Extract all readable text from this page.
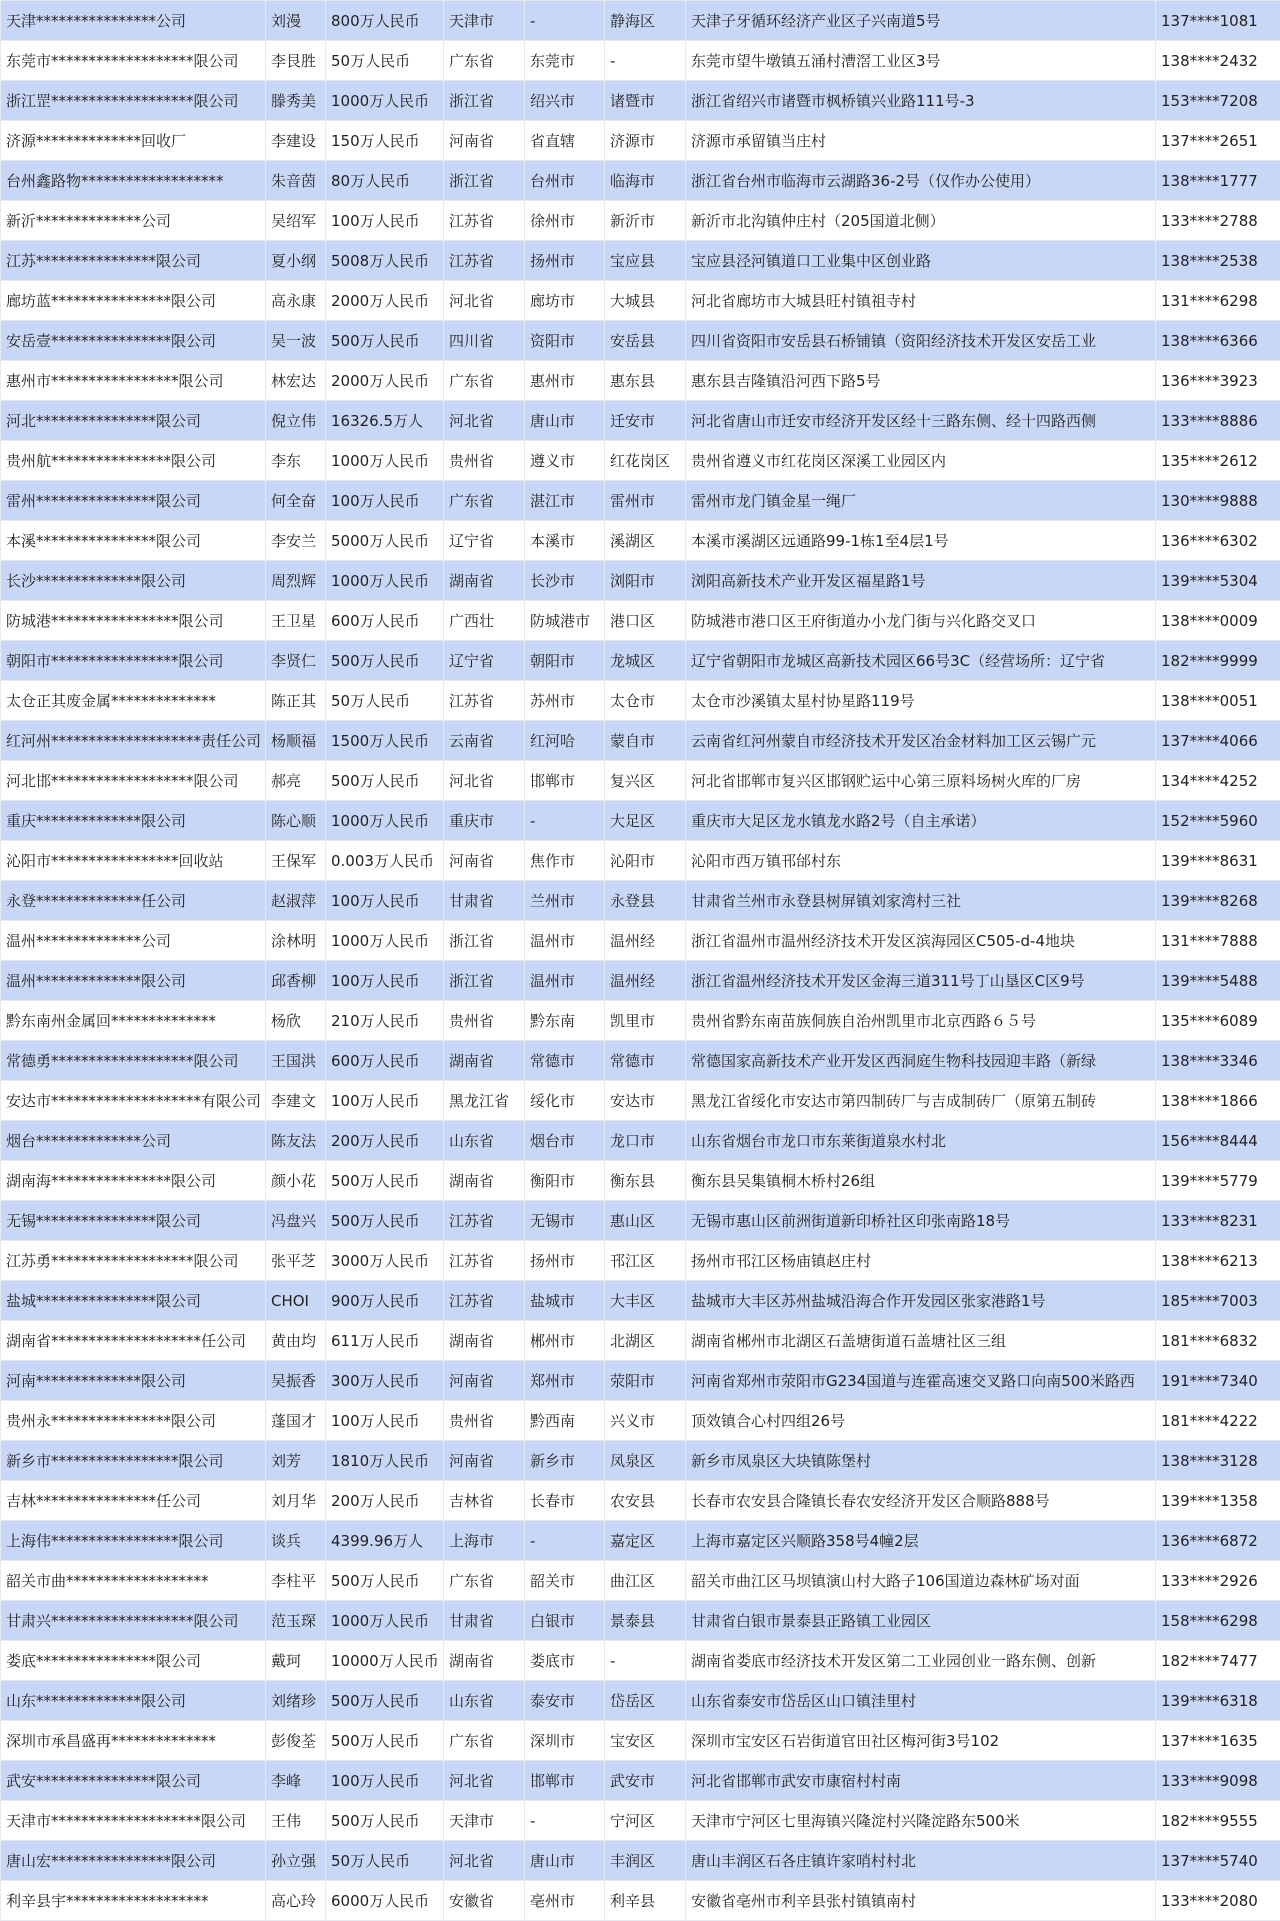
天津****************公司	刘漫	800万人民币	天津市	-	静海区	天津子牙循环经济产业区子兴南道5号	137****1081
东莞市*******************限公司	李艮胜	50万人民币	广东省	东莞市	-	东莞市望牛墩镇五涌村漕滘工业区3号	138****2432
浙江罡*******************限公司	滕秀美	1000万人民币	浙江省	绍兴市	诸暨市	浙江省绍兴市诸暨市枫桥镇兴业路111号-3	153****7208
济源**************回收厂	李建设	150万人民币	河南省	省直辖	济源市	济源市承留镇当庄村	137****2651
台州鑫路物*******************	朱音茵	80万人民币	浙江省	台州市	临海市	浙江省台州市临海市云湖路36-2号（仅作办公使用）	138****1777
新沂**************公司	吴绍军	100万人民币	江苏省	徐州市	新沂市	新沂市北沟镇仲庄村（205国道北侧）	133****2788
江苏****************限公司	夏小纲	5008万人民币	江苏省	扬州市	宝应县	宝应县泾河镇道口工业集中区创业路	138****2538
廊坊蓝****************限公司	高永康	2000万人民币	河北省	廊坊市	大城县	河北省廊坊市大城县旺村镇祖寺村	131****6298
安岳壹****************限公司	吴一波	500万人民币	四川省	资阳市	安岳县	四川省资阳市安岳县石桥铺镇（资阳经济技术开发区安岳工业	138****6366
惠州市*****************限公司	林宏达	2000万人民币	广东省	惠州市	惠东县	惠东县吉隆镇沿河西下路5号	136****3923
河北****************限公司	倪立伟	16326.5万人	河北省	唐山市	迁安市	河北省唐山市迁安市经济开发区经十三路东侧、经十四路西侧	133****8886
贵州航****************限公司	李东	1000万人民币	贵州省	遵义市	红花岗区	贵州省遵义市红花岗区深溪工业园区内	135****2612
雷州****************限公司	何全奋	100万人民币	广东省	湛江市	雷州市	雷州市龙门镇金星一绳厂	130****9888
本溪****************限公司	李安兰	5000万人民币	辽宁省	本溪市	溪湖区	本溪市溪湖区远通路99-1栋1至4层1号	136****6302
长沙**************限公司	周烈辉	1000万人民币	湖南省	长沙市	浏阳市	浏阳高新技术产业开发区福星路1号	139****5304
防城港*****************限公司	王卫星	600万人民币	广西壮	防城港市	港口区	防城港市港口区王府街道办小龙门街与兴化路交叉口	138****0009
朝阳市*****************限公司	李贤仁	500万人民币	辽宁省	朝阳市	龙城区	辽宁省朝阳市龙城区高新技术园区66号3C（经营场所：辽宁省	182****9999
太仓正其废金属**************	陈正其	50万人民币	江苏省	苏州市	太仓市	太仓市沙溪镇太星村协星路119号	138****0051
红河州********************责任公司	杨顺福	1500万人民币	云南省	红河哈	蒙自市	云南省红河州蒙自市经济技术开发区冶金材料加工区云锡广元	137****4066
河北邯*******************限公司	郝亮	500万人民币	河北省	邯郸市	复兴区	河北省邯郸市复兴区邯钢贮运中心第三原料场树火库的厂房	134****4252
重庆**************限公司	陈心顺	1000万人民币	重庆市	-	大足区	重庆市大足区龙水镇龙水路2号（自主承诺）	152****5960
沁阳市*****************回收站	王保军	0.003万人民币	河南省	焦作市	沁阳市	沁阳市西万镇邗邰村东	139****8631
永登**************任公司	赵淑萍	100万人民币	甘肃省	兰州市	永登县	甘肃省兰州市永登县树屏镇刘家湾村三社	139****8268
温州**************公司	涂林明	1000万人民币	浙江省	温州市	温州经	浙江省温州市温州经济技术开发区滨海园区C505-d-4地块	131****7888
温州**************限公司	邱香柳	100万人民币	浙江省	温州市	温州经	浙江省温州经济技术开发区金海三道311号丁山垦区C区9号	139****5488
黔东南州金属回**************	杨欣	210万人民币	贵州省	黔东南	凯里市	贵州省黔东南苗族侗族自治州凯里市北京西路６５号	135****6089
常德勇*******************限公司	王国洪	600万人民币	湖南省	常德市	常德市	常德国家高新技术产业开发区西洞庭生物科技园迎丰路（新绿	138****3346
安达市********************有限公司	李建文	100万人民币	黑龙江省	绥化市	安达市	黑龙江省绥化市安达市第四制砖厂与吉成制砖厂（原第五制砖	138****1866
烟台**************公司	陈友法	200万人民币	山东省	烟台市	龙口市	山东省烟台市龙口市东莱街道泉水村北	156****8444
湖南海****************限公司	颜小花	500万人民币	湖南省	衡阳市	衡东县	衡东县吴集镇桐木桥村26组	139****5779
无锡****************限公司	冯盘兴	500万人民币	江苏省	无锡市	惠山区	无锡市惠山区前洲街道新印桥社区印张南路18号	133****8231
江苏勇*******************限公司	张平芝	3000万人民币	江苏省	扬州市	邗江区	扬州市邗江区杨庙镇赵庄村	138****6213
盐城****************限公司	CHOI	900万人民币	江苏省	盐城市	大丰区	盐城市大丰区苏州盐城沿海合作开发园区张家港路1号	185****7003
湖南省********************任公司	黄由均	611万人民币	湖南省	郴州市	北湖区	湖南省郴州市北湖区石盖塘街道石盖塘社区三组	181****6832
河南**************限公司	吴振香	300万人民币	河南省	郑州市	荥阳市	河南省郑州市荥阳市G234国道与连霍高速交叉路口向南500米路西	191****7340
贵州永****************限公司	蓬国才	100万人民币	贵州省	黔西南	兴义市	顶效镇合心村四组26号	181****4222
新乡市*****************限公司	刘芳	1810万人民币	河南省	新乡市	凤泉区	新乡市凤泉区大块镇陈堡村	138****3128
吉林****************任公司	刘月华	200万人民币	吉林省	长春市	农安县	长春市农安县合隆镇长春农安经济开发区合顺路888号	139****1358
上海伟*****************限公司	谈兵	4399.96万人	上海市	-	嘉定区	上海市嘉定区兴顺路358号4幢2层	136****6872
韶关市曲*******************	李柱平	500万人民币	广东省	韶关市	曲江区	韶关市曲江区马坝镇演山村大路子106国道边森林矿场对面	133****2926
甘肃兴*******************限公司	范玉琛	1000万人民币	甘肃省	白银市	景泰县	甘肃省白银市景泰县正路镇工业园区	158****6298
娄底****************限公司	戴珂	10000万人民币	湖南省	娄底市	-	湖南省娄底市经济技术开发区第二工业园创业一路东侧、创新	182****7477
山东**************限公司	刘绪珍	500万人民币	山东省	泰安市	岱岳区	山东省泰安市岱岳区山口镇洼里村	139****6318
深圳市承昌盛再**************	彭俊荃	500万人民币	广东省	深圳市	宝安区	深圳市宝安区石岩街道官田社区梅河街3号102	137****1635
武安****************限公司	李峰	100万人民币	河北省	邯郸市	武安市	河北省邯郸市武安市康宿村村南	133****9098
天津市********************限公司	王伟	500万人民币	天津市	-	宁河区	天津市宁河区七里海镇兴隆淀村兴隆淀路东500米	182****9555
唐山宏****************限公司	孙立强	50万人民币	河北省	唐山市	丰润区	唐山丰润区石各庄镇许家哨村村北	137****5740
利辛县宇*******************	高心玲	6000万人民币	安徽省	亳州市	利辛县	安徽省亳州市利辛县张村镇镇南村	133****2080
